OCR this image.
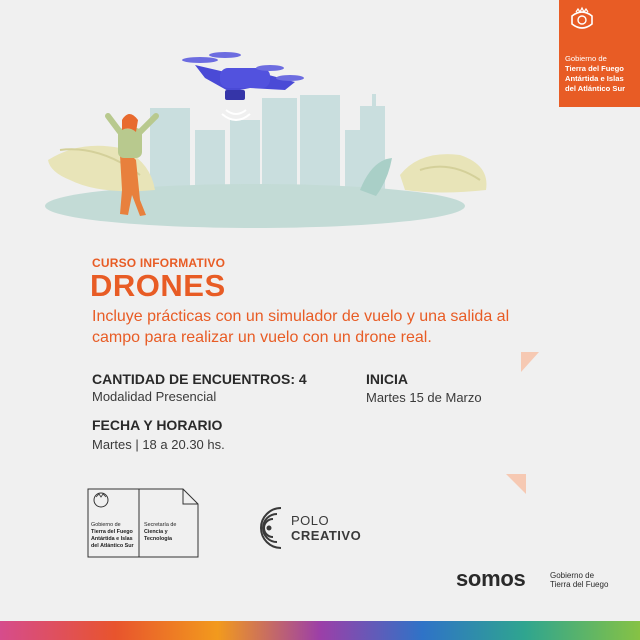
Gobierno de
Tierra del Fuego
Antártida e Islas
del Atlántico Sur
CURSO INFORMATIVO
DRONES
Incluye prácticas con un simulador de vuelo y una salida al
campo para realizar un vuelo con un drone real.
CANTIDAD DE ENCUENTROS: 4
Modalidad Presencial
INICIA
Martes 15 de Marzo
FECHA Y HORARIO
Martes | 18 a 20.30 hs.
Gobierno de
Tierra del Fuego
Antártida e Islas
del Atlántico Sur
Secretaría de
Ciencia y
Tecnología
POLO
CREATIVO
somos	Gobierno de
Tierra del Fuego
